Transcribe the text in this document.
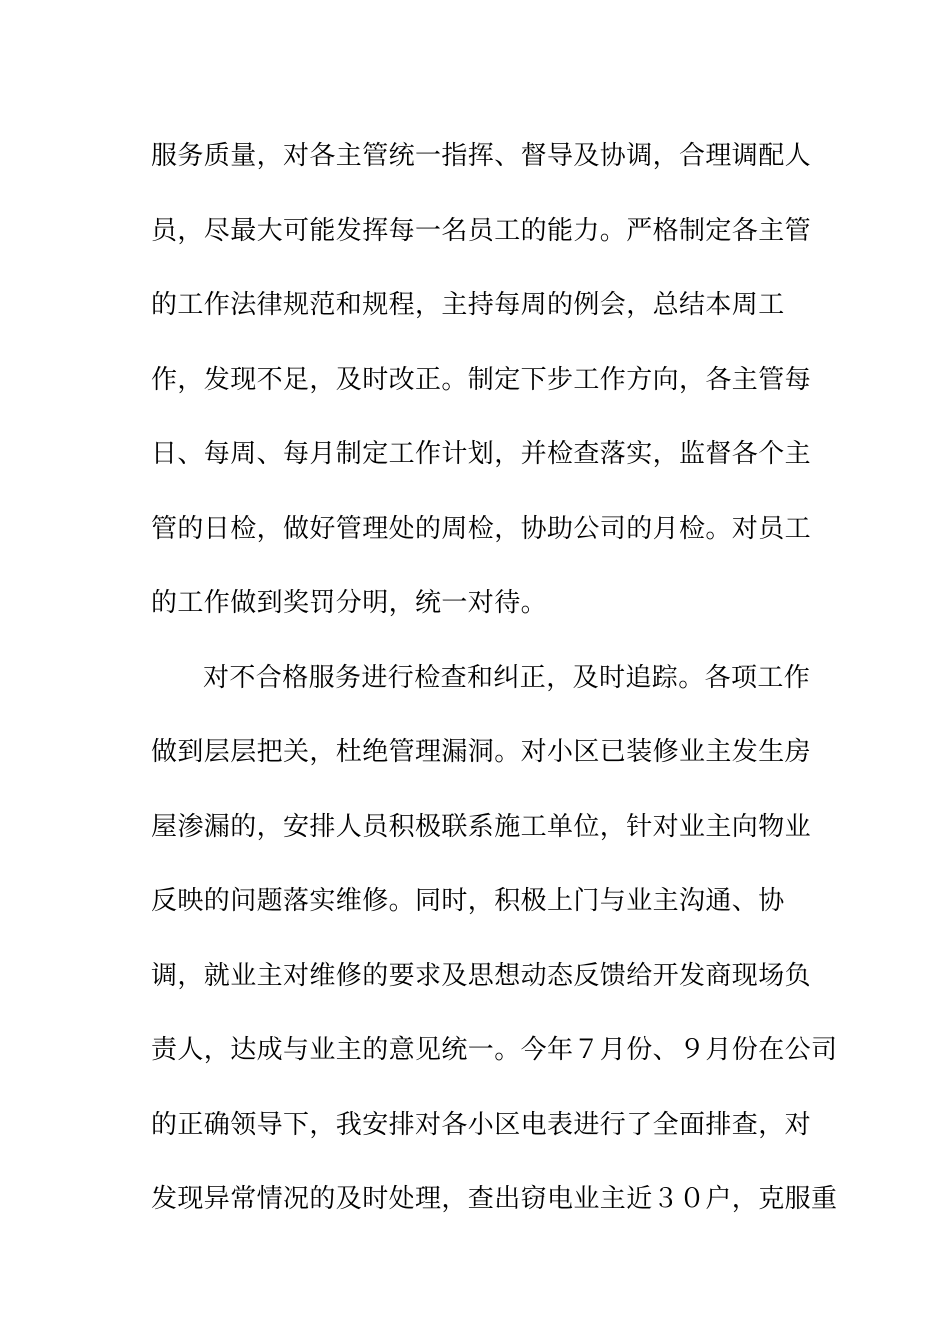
服务质量，对各主管统一指挥、督导及协调，合理调配人
员，尽最大可能发挥每一名员工的能力。严格制定各主管
的工作法律规范和规程，主持每周的例会，总结本周工
作，发现不足，及时改正。制定下步工作方向，各主管每
日、每周、每月制定工作计划，并检查落实，监督各个主
管的日检，做好管理处的周检，协助公司的月检。对员工
的工作做到奖罚分明，统一对待。
对不合格服务进行检查和纠正，及时追踪。各项工作
做到层层把关，杜绝管理漏洞。对小区已装修业主发生房
屋渗漏的，安排人员积极联系施工单位，针对业主向物业
反映的问题落实维修。同时，积极上门与业主沟通、协
调，就业主对维修的要求及思想动态反馈给开发商现场负
责人，达成与业主的意见统一。今年７月份、９月份在公司
的正确领导下，我安排对各小区电表进行了全面排查，对
发现异常情况的及时处理，查出窃电业主近３０户，克服重
